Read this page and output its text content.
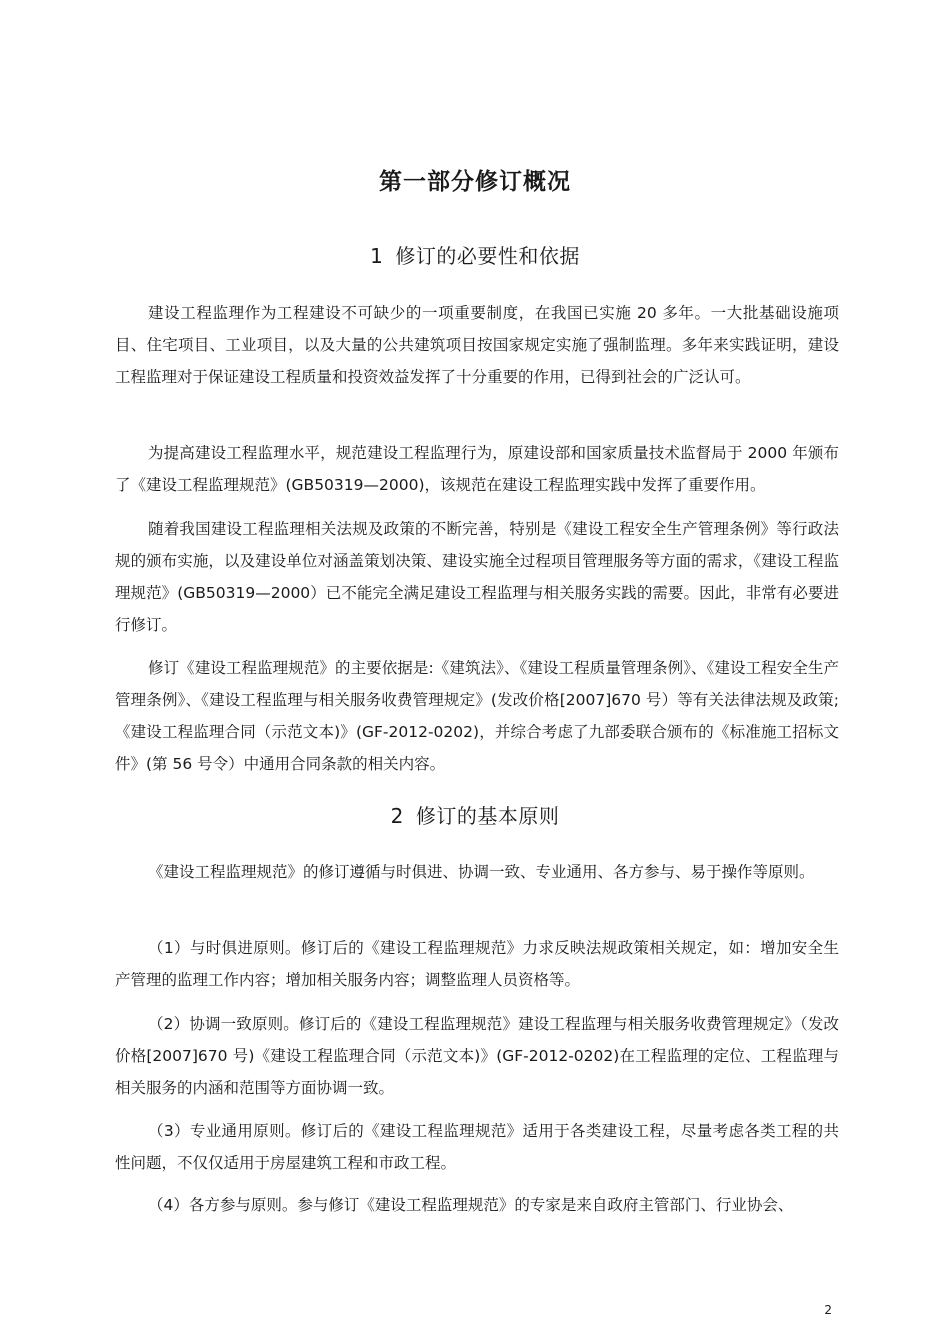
第一部分修订概况
1 修订的必要性和依据
建设工程监理作为工程建设不可缺少的一项重要制度，在我国已实施 20 多年。一大批基础设施项目、住宅项目、工业项目，以及大量的公共建筑项目按国家规定实施了强制监理。多年来实践证明，建设工程监理对于保证建设工程质量和投资效益发挥了十分重要的作用，已得到社会的广泛认可。
为提高建设工程监理水平，规范建设工程监理行为，原建设部和国家质量技术监督局于 2000 年颁布了《建设工程监理规范》(GB50319—2000)，该规范在建设工程监理实践中发挥了重要作用。
随着我国建设工程监理相关法规及政策的不断完善，特别是《建设工程安全生产管理条例》等行政法规的颁布实施，以及建设单位对涵盖策划决策、建设实施全过程项目管理服务等方面的需求，《建设工程监理规范》(GB50319—2000）已不能完全满足建设工程监理与相关服务实践的需要。因此，非常有必要进行修订。
修订《建设工程监理规范》的主要依据是:《建筑法》、《建设工程质量管理条例》、《建设工程安全生产管理条例》、《建设工程监理与相关服务收费管理规定》(发改价格[2007]670 号）等有关法律法规及政策;《建设工程监理合同（示范文本)》(GF-2012-0202)，并综合考虑了九部委联合颁布的《标准施工招标文件》(第 56 号令）中通用合同条款的相关内容。
2 修订的基本原则
《建设工程监理规范》的修订遵循与时俱进、协调一致、专业通用、各方参与、易于操作等原则。
（1）与时俱进原则。修订后的《建设工程监理规范》力求反映法规政策相关规定，如：增加安全生产管理的监理工作内容；增加相关服务内容；调整监理人员资格等。
（2）协调一致原则。修订后的《建设工程监理规范》建设工程监理与相关服务收费管理规定》（发改价格[2007]670 号)《建设工程监理合同（示范文本)》(GF-2012-0202)在工程监理的定位、工程监理与相关服务的内涵和范围等方面协调一致。
（3）专业通用原则。修订后的《建设工程监理规范》适用于各类建设工程，尽量考虑各类工程的共性问题，不仅仅适用于房屋建筑工程和市政工程。
（4）各方参与原则。参与修订《建设工程监理规范》的专家是来自政府主管部门、行业协会、
2
